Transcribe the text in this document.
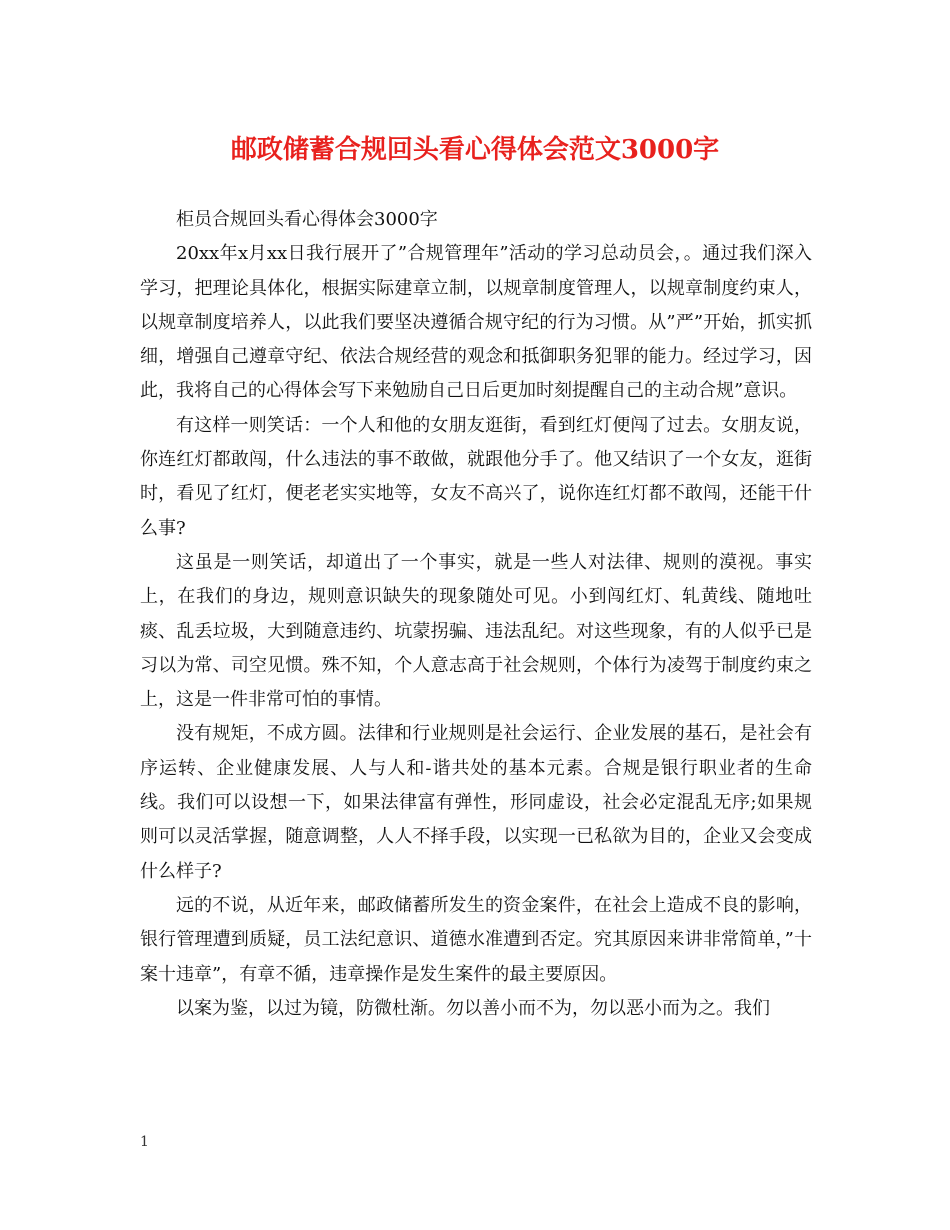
邮政储蓄合规回头看心得体会范文3000字

柜员合规回头看心得体会3000字

20xx年x月xx日我行展开了”合规管理年”活动的学习总动员会，。通过我们深入学习，把理论具体化，根据实际建章立制，以规章制度管理人，以规章制度约束人，以规章制度培养人，以此我们要坚决遵循合规守纪的行为习惯。从”严”开始，抓实抓细，增强自己遵章守纪、依法合规经营的观念和抵御职务犯罪的能力。经过学习，因此，我将自己的心得体会写下来勉励自己日后更加时刻提醒自己的主动合规”意识。

有这样一则笑话：一个人和他的女朋友逛街，看到红灯便闯了过去。女朋友说，你连红灯都敢闯，什么违法的事不敢做，就跟他分手了。他又结识了一个女友，逛街时，看见了红灯，便老老实实地等，女友不高兴了，说你连红灯都不敢闯，还能干什么事?

这虽是一则笑话，却道出了一个事实，就是一些人对法律、规则的漠视。事实上，在我们的身边，规则意识缺失的现象随处可见。小到闯红灯、轧黄线、随地吐痰、乱丢垃圾，大到随意违约、坑蒙拐骗、违法乱纪。对这些现象，有的人似乎已是习以为常、司空见惯。殊不知，个人意志高于社会规则，个体行为凌驾于制度约束之上，这是一件非常可怕的事情。

没有规矩，不成方圆。法律和行业规则是社会运行、企业发展的基石，是社会有序运转、企业健康发展、人与人和-谐共处的基本元素。合规是银行职业者的生命线。我们可以设想一下，如果法律富有弹性，形同虚设，社会必定混乱无序;如果规则可以灵活掌握，随意调整，人人不择手段，以实现一已私欲为目的，企业又会变成什么样子?

远的不说，从近年来，邮政储蓄所发生的资金案件，在社会上造成不良的影响，银行管理遭到质疑，员工法纪意识、道德水准遭到否定。究其原因来讲非常简单，”十案十违章”，有章不循，违章操作是发生案件的最主要原因。

以案为鉴，以过为镜，防微杜渐。勿以善小而不为，勿以恶小而为之。我们

1
